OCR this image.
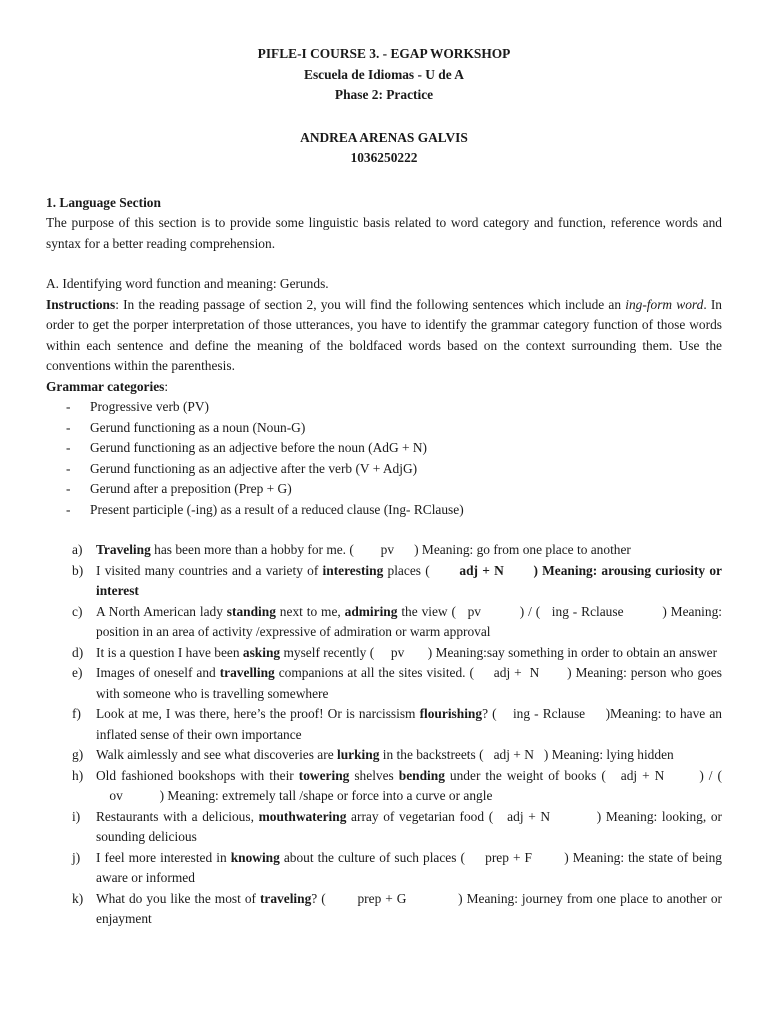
PIFLE-I COURSE 3. - EGAP WORKSHOP
Escuela de Idiomas - U de A
Phase 2: Practice
ANDREA ARENAS GALVIS
1036250222
1. Language Section

The purpose of this section is to provide some linguistic basis related to word category and function, reference words and syntax for a better reading comprehension.

A. Identifying word function and meaning: Gerunds.

Instructions: In the reading passage of section 2, you will find the following sentences which include an ing-form word. In order to get the porper interpretation of those utterances, you have to identify the grammar category function of those words within each sentence and define the meaning of the boldfaced words based on the context surrounding them. Use the conventions within the parenthesis.

Grammar categories:

- Progressive verb (PV)
- Gerund functioning as a noun (Noun-G)
- Gerund functioning as an adjective before the noun (AdG + N)
- Gerund functioning as an adjective after the verb (V + AdjG)
- Gerund after a preposition (Prep + G)
- Present participle (-ing) as a result of a reduced clause (Ing- RClause)
a) Traveling has been more than a hobby for me. (        pv      ) Meaning: go from one place to another
b) I visited many countries and a variety of interesting places (       adj + N       ) Meaning: arousing curiosity or interest
c) A North American lady standing next to me, admiring the view (   pv          ) / (   ing - Rclause          ) Meaning: position in an area of activity /expressive of admiration or warm approval
d) It is a question I have been asking myself recently (     pv       ) Meaning:say something in order to obtain an answer
e) Images of oneself and travelling companions at all the sites visited. (     adj +  N       ) Meaning: person who goes with someone who is travelling somewhere
f) Look at me, I was there, here’s the proof! Or is narcissism flourishing? (    ing - Rclause     )Meaning: to have an inflated sense of their own importance
g) Walk aimlessly and see what discoveries are lurking in the backstreets (   adj + N   ) Meaning: lying hidden
h) Old fashioned bookshops with their towering shelves bending under the weight of books (   adj + N       ) / (    ov           ) Meaning: extremely tall /shape or force into a curve or angle
i) Restaurants with a delicious, mouthwatering array of vegetarian food (   adj + N          ) Meaning: looking, or sounding delicious
j) I feel more interested in knowing about the culture of such places (     prep + F        ) Meaning: the state of being aware or informed
k) What do you like the most of traveling? (        prep + G             ) Meaning: journey from one place to another or enjayment
